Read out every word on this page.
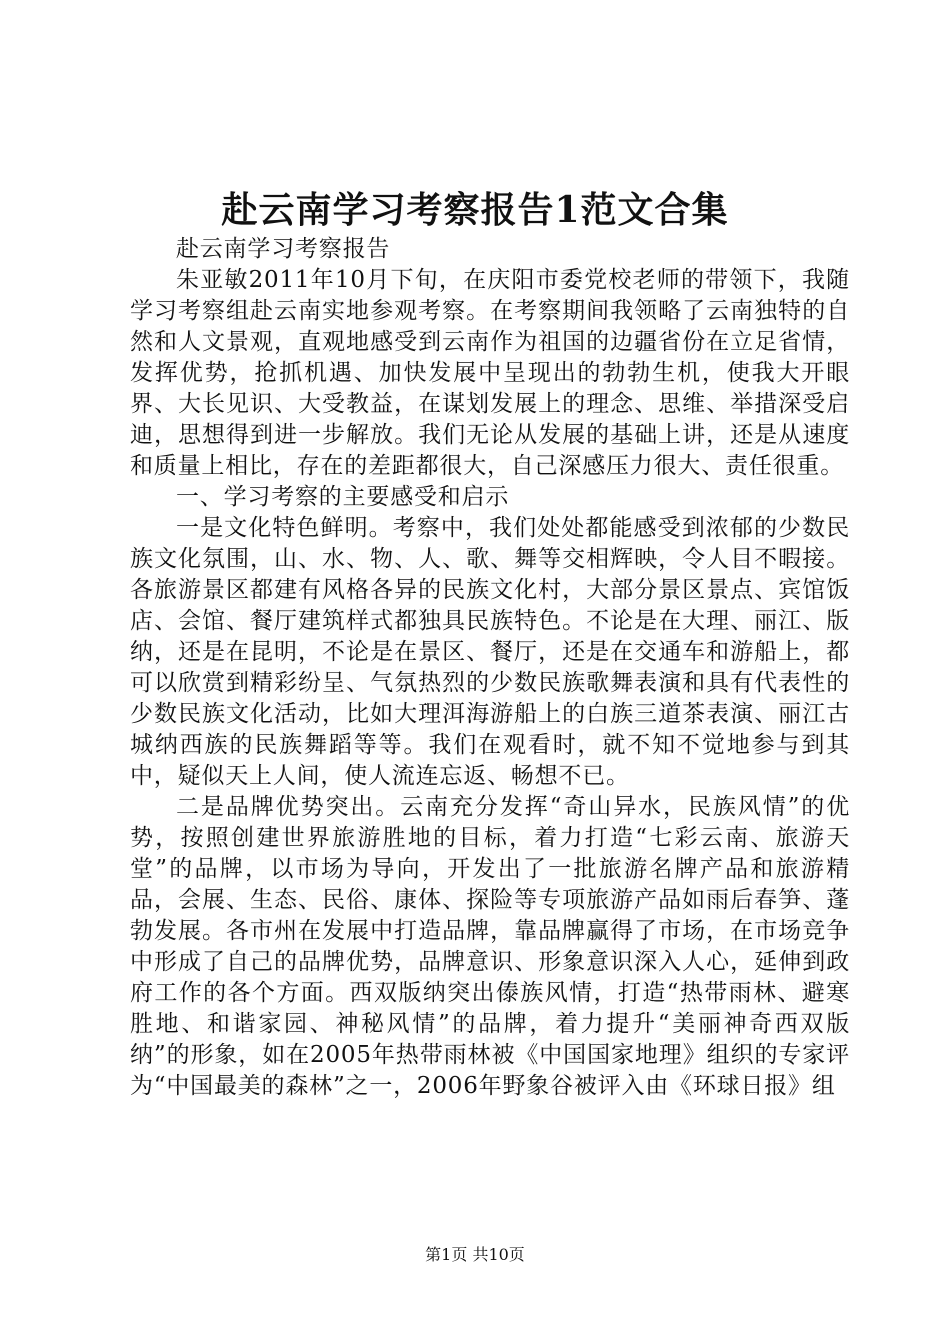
赴云南学习考察报告1范文合集

赴云南学习考察报告

朱亚敏2011年10月下旬，在庆阳市委党校老师的带领下，我随学习考察组赴云南实地参观考察。在考察期间我领略了云南独特的自然和人文景观，直观地感受到云南作为祖国的边疆省份在立足省情，发挥优势，抢抓机遇、加快发展中呈现出的勃勃生机，使我大开眼界、大长见识、大受教益，在谋划发展上的理念、思维、举措深受启迪，思想得到进一步解放。我们无论从发展的基础上讲，还是从速度和质量上相比，存在的差距都很大，自己深感压力很大、责任很重。

一、学习考察的主要感受和启示

一是文化特色鲜明。考察中，我们处处都能感受到浓郁的少数民族文化氛围，山、水、物、人、歌、舞等交相辉映，令人目不暇接。各旅游景区都建有风格各异的民族文化村，大部分景区景点、宾馆饭店、会馆、餐厅建筑样式都独具民族特色。不论是在大理、丽江、版纳，还是在昆明，不论是在景区、餐厅，还是在交通车和游船上，都可以欣赏到精彩纷呈、气氛热烈的少数民族歌舞表演和具有代表性的少数民族文化活动，比如大理洱海游船上的白族三道茶表演、丽江古城纳西族的民族舞蹈等等。我们在观看时，就不知不觉地参与到其中，疑似天上人间，使人流连忘返、畅想不已。

二是品牌优势突出。云南充分发挥“奇山异水，民族风情”的优势，按照创建世界旅游胜地的目标，着力打造“七彩云南、旅游天堂”的品牌，以市场为导向，开发出了一批旅游名牌产品和旅游精品，会展、生态、民俗、康体、探险等专项旅游产品如雨后春笋、蓬勃发展。各市州在发展中打造品牌，靠品牌赢得了市场，在市场竞争中形成了自己的品牌优势，品牌意识、形象意识深入人心，延伸到政府工作的各个方面。西双版纳突出傣族风情，打造“热带雨林、避寒胜地、和谐家园、神秘风情”的品牌，着力提升“美丽神奇西双版纳”的形象，如在2005年热带雨林被《中国国家地理》组织的专家评为“中国最美的森林”之一，2006年野象谷被评入由《环球日报》组

第1页 共10页
